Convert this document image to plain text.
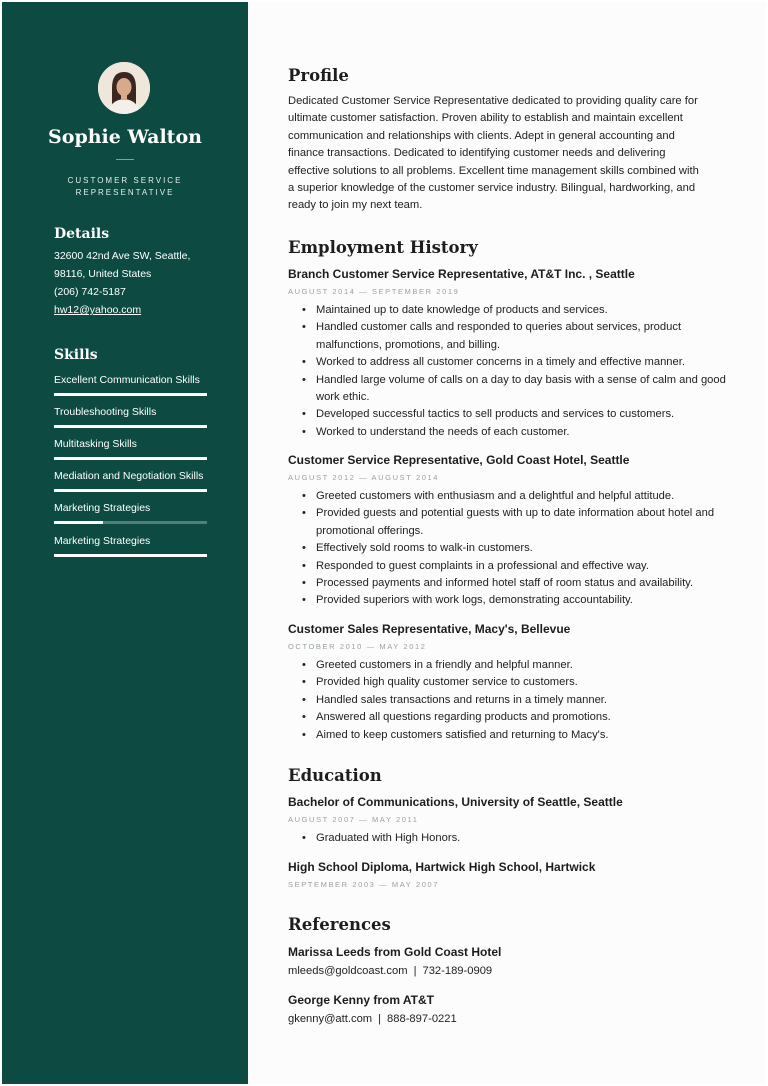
Sophie Walton
CUSTOMER SERVICE
REPRESENTATIVE
Details
32600 42nd Ave SW, Seattle,
98116, United States
(206) 742-5187
hw12@yahoo.com
Skills
Excellent Communication Skills
Troubleshooting Skills
Multitasking Skills
Mediation and Negotiation Skills
Marketing Strategies
Marketing Strategies
Profile
Dedicated Customer Service Representative dedicated to providing quality care for
ultimate customer satisfaction. Proven ability to establish and maintain excellent
communication and relationships with clients. Adept in general accounting and
finance transactions. Dedicated to identifying customer needs and delivering
effective solutions to all problems. Excellent time management skills combined with
a superior knowledge of the customer service industry. Bilingual, hardworking, and
ready to join my next team.
Employment History
Branch Customer Service Representative, AT&T Inc. , Seattle
AUGUST 2014 — SEPTEMBER 2019
• Maintained up to date knowledge of products and services.
• Handled customer calls and responded to queries about services, product malfunctions, promotions, and billing.
• Worked to address all customer concerns in a timely and effective manner.
• Handled large volume of calls on a day to day basis with a sense of calm and good work ethic.
• Developed successful tactics to sell products and services to customers.
• Worked to understand the needs of each customer.
Customer Service Representative, Gold Coast Hotel, Seattle
AUGUST 2012 — AUGUST 2014
• Greeted customers with enthusiasm and a delightful and helpful attitude.
• Provided guests and potential guests with up to date information about hotel and promotional offerings.
• Effectively sold rooms to walk-in customers.
• Responded to guest complaints in a professional and effective way.
• Processed payments and informed hotel staff of room status and availability.
• Provided superiors with work logs, demonstrating accountability.
Customer Sales Representative, Macy's, Bellevue
OCTOBER 2010 — MAY 2012
• Greeted customers in a friendly and helpful manner.
• Provided high quality customer service to customers.
• Handled sales transactions and returns in a timely manner.
• Answered all questions regarding products and promotions.
• Aimed to keep customers satisfied and returning to Macy's.
Education
Bachelor of Communications, University of Seattle, Seattle
AUGUST 2007 — MAY 2011
• Graduated with High Honors.
High School Diploma, Hartwick High School, Hartwick
SEPTEMBER 2003 — MAY 2007
References
Marissa Leeds from Gold Coast Hotel
mleeds@goldcoast.com | 732-189-0909
George Kenny from AT&T
gkenny@att.com | 888-897-0221
